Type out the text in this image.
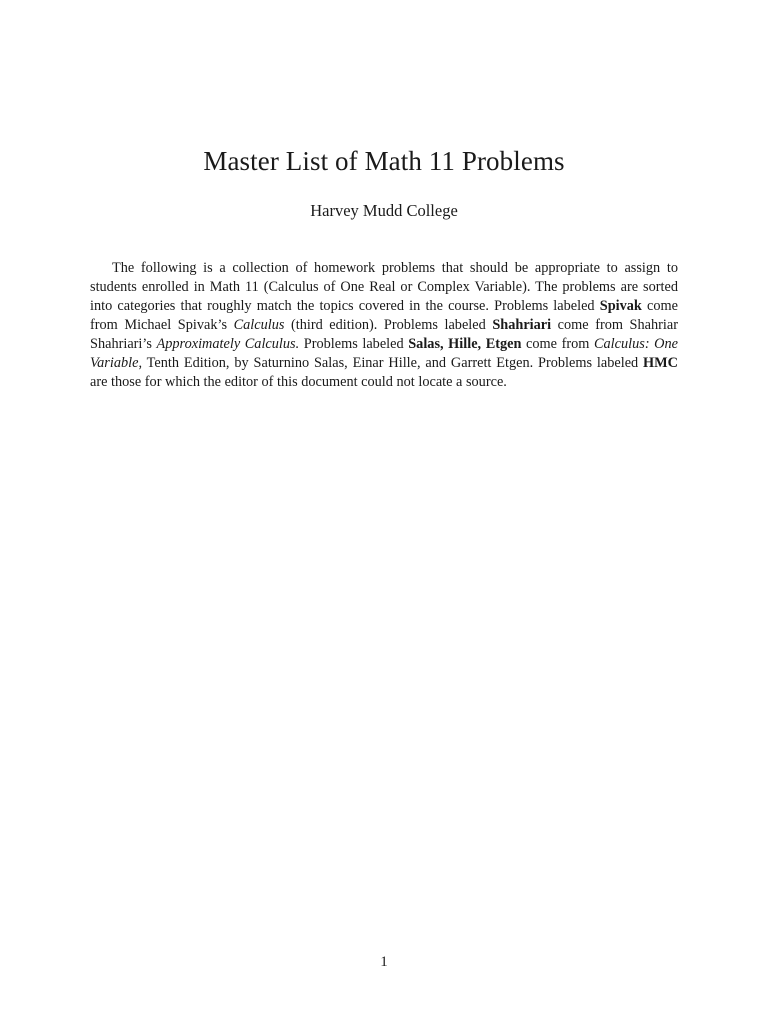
Master List of Math 11 Problems
Harvey Mudd College

The following is a collection of homework problems that should be appropriate to assign to students enrolled in Math 11 (Calculus of One Real or Complex Variable). The problems are sorted into categories that roughly match the topics covered in the course. Problems labeled Spivak come from Michael Spivak’s Calculus (third edition). Problems labeled Shahriari come from Shahriar Shahriari’s Approximately Calculus. Problems labeled Salas, Hille, Etgen come from Calculus: One Variable, Tenth Edition, by Saturnino Salas, Einar Hille, and Garrett Etgen. Problems labeled HMC are those for which the editor of this document could not locate a source.

1
